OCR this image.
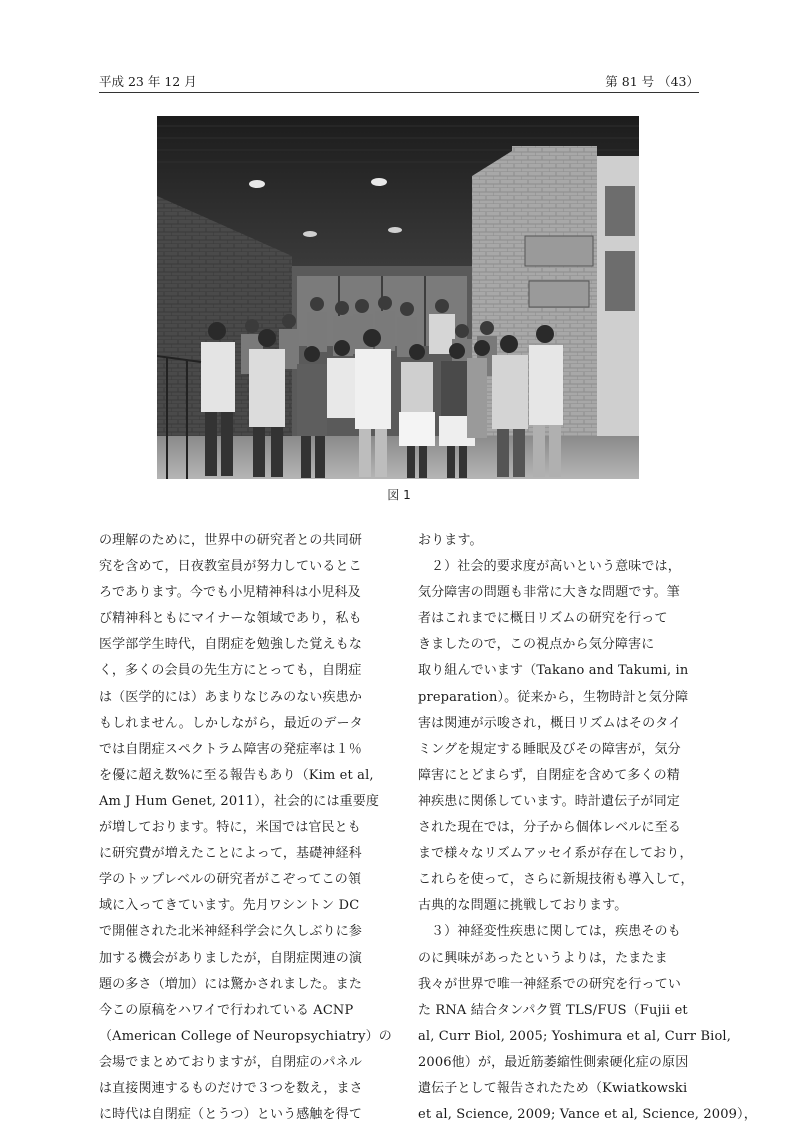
平成 23 年 12 月	第 81 号 （43）
図 1
の理解のために，世界中の研究者との共同研
究を含めて，日夜教室員が努力しているとこ
ろであります。今でも小児精神科は小児科及
び精神科ともにマイナーな領域であり，私も
医学部学生時代，自閉症を勉強した覚えもな
く，多くの会員の先生方にとっても，自閉症
は（医学的には）あまりなじみのない疾患か
もしれません。しかしながら，最近のデータ
では自閉症スペクトラム障害の発症率は１％
を優に超え数%に至る報告もあり（Kim et al,
Am J Hum Genet, 2011），社会的には重要度
が増しております。特に，米国では官民とも
に研究費が増えたことによって，基礎神経科
学のトップレベルの研究者がこぞってこの領
域に入ってきています。先月ワシントン DC
で開催された北米神経科学会に久しぶりに参
加する機会がありましたが，自閉症関連の演
題の多さ（増加）には驚かされました。また
今この原稿をハワイで行われている ACNP
（American College of Neuropsychiatry）の
会場でまとめておりますが，自閉症のパネル
は直接関連するものだけで３つを数え，まさ
に時代は自閉症（とうつ）という感触を得て
おります。
２）社会的要求度が高いという意味では，
気分障害の問題も非常に大きな問題です。筆
者はこれまでに概日リズムの研究を行って
きましたので，この視点から気分障害に
取り組んでいます（Takano and Takumi, in
preparation）。従来から，生物時計と気分障
害は関連が示唆され，概日リズムはそのタイ
ミングを規定する睡眠及びその障害が，気分
障害にとどまらず，自閉症を含めて多くの精
神疾患に関係しています。時計遺伝子が同定
された現在では，分子から個体レベルに至る
まで様々なリズムアッセイ系が存在しており，
これらを使って，さらに新規技術も導入して，
古典的な問題に挑戦しております。
３）神経変性疾患に関しては，疾患そのも
のに興味があったというよりは，たまたま
我々が世界で唯一神経系での研究を行ってい
た RNA 結合タンパク質 TLS/FUS（Fujii et
al, Curr Biol, 2005; Yoshimura et al, Curr Biol,
2006他）が，最近筋萎縮性側索硬化症の原因
遺伝子として報告されたため（Kwiatkowski
et al, Science, 2009; Vance et al, Science, 2009），
